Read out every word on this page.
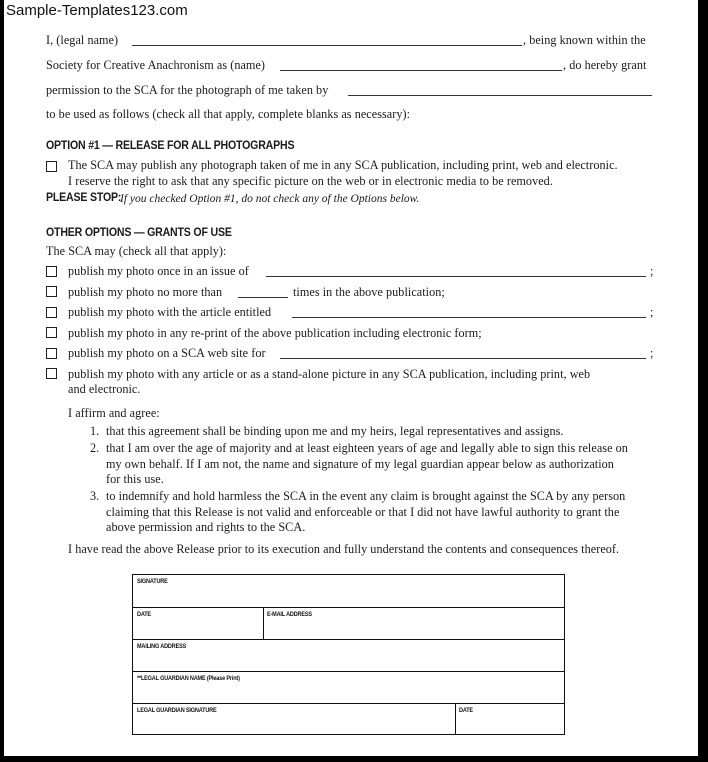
Sample-Templates123.com
I, (legal name)	, being known within the
Society for Creative Anachronism as (name)	, do hereby grant
permission to the SCA for the photograph of me taken by
to be used as follows (check all that apply, complete blanks as necessary):
OPTION #1 — RELEASE FOR ALL PHOTOGRAPHS
The SCA may publish any photograph taken of me in any SCA publication, including print, web and electronic.
I reserve the right to ask that any specific picture on the web or in electronic media to be removed.
PLEASE STOP:
If you checked Option #1, do not check any of the Options below.
OTHER OPTIONS — GRANTS OF USE
The SCA may (check all that apply):
publish my photo once in an issue of	;
publish my photo no more than	times in the above publication;
publish my photo with the article entitled	;
publish my photo in any re-print of the above publication including electronic form;
publish my photo on a SCA web site for	;
publish my photo with any article or as a stand-alone picture in any SCA publication, including print, web
and electronic.
I affirm and agree:
1. that this agreement shall be binding upon me and my heirs, legal representatives and assigns.
2. that I am over the age of majority and at least eighteen years of age and legally able to sign this release on
my own behalf. If I am not, the name and signature of my legal guardian appear below as authorization
for this use.
3. to indemnify and hold harmless the SCA in the event any claim is brought against the SCA by any person
claiming that this Release is not valid and enforceable or that I did not have lawful authority to grant the
above permission and rights to the SCA.
I have read the above Release prior to its execution and fully understand the contents and consequences thereof.
SIGNATURE
DATE	E-MAIL ADDRESS
MAILING ADDRESS
**LEGAL GUARDIAN NAME (Please Print)
LEGAL GUARDIAN SIGNATURE	DATE
